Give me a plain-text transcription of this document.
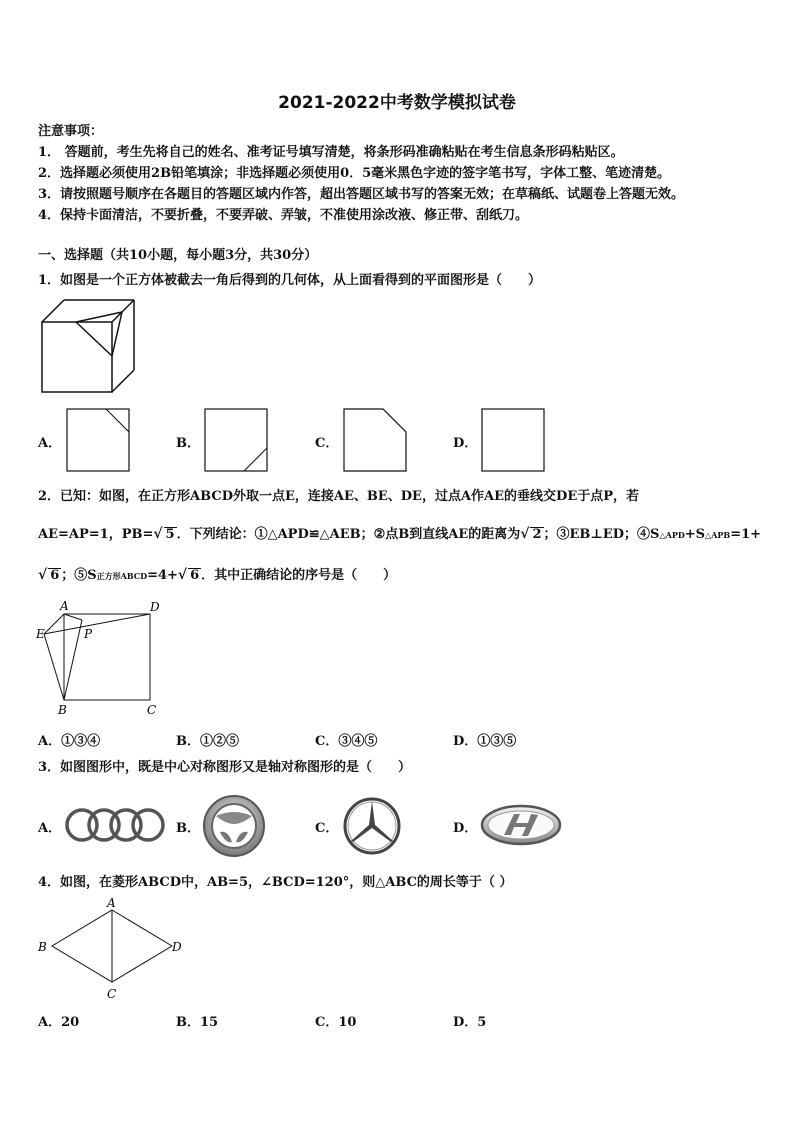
2021-2022中考数学模拟试卷
注意事项：
1． 答题前，考生先将自己的姓名、准考证号填写清楚，将条形码准确粘贴在考生信息条形码粘贴区。
2．选择题必须使用2B铅笔填涂；非选择题必须使用0．5毫米黑色字迹的签字笔书写，字体工整、笔迹清楚。
3．请按照题号顺序在各题目的答题区域内作答，超出答题区域书写的答案无效；在草稿纸、试题卷上答题无效。
4．保持卡面清洁，不要折叠，不要弄破、弄皱，不准使用涂改液、修正带、刮纸刀。
一、选择题（共10小题，每小题3分，共30分）
1．如图是一个正方体被截去一角后得到的几何体，从上面看得到的平面图形是（　　）
A．	B．	C．	D．
2．已知：如图，在正方形ABCD外取一点E，连接AE、BE、DE，过点A作AE的垂线交DE于点P，若
AE=AP=1，PB=√ 5 ．下列结论：①△APD≌△AEB；②点B到直线AE的距离为√ 2 ；③EB⊥ED；④S△APD+S△APB=1+
√ 6 ；⑤S正方形ABCD=4+√ 6 ．其中正确结论的序号是（　　）
A	D
E	P
B	C
A．①③④	B．①②⑤	C．③④⑤	D．①③⑤
3．如图图形中，既是中心对称图形又是轴对称图形的是（　　）
A．	B．	C．	D．
4．如图，在菱形ABCD中，AB=5，∠BCD=120°，则△ABC的周长等于（ ）
A
B	D
C
A．20	B．15	C．10	D．5
